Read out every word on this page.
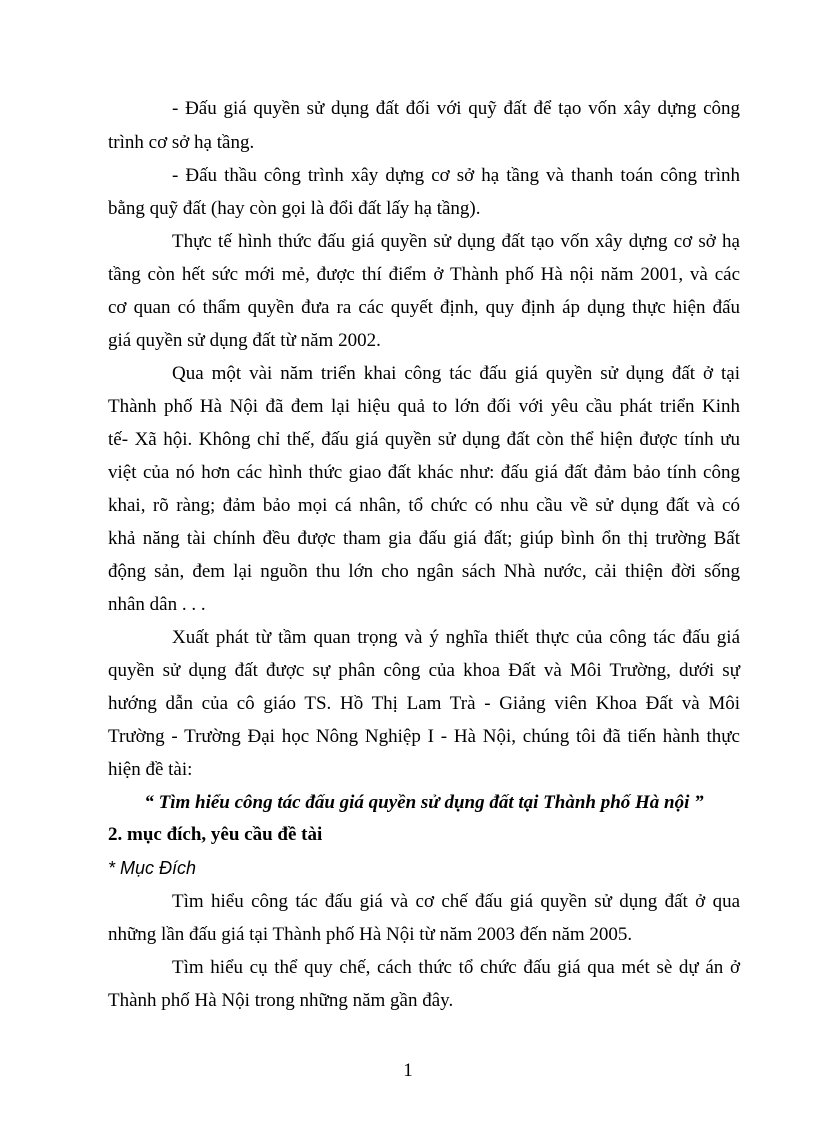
- Đấu giá quyền sử dụng đất đối với quỹ đất để tạo vốn xây dựng công
trình cơ sở hạ tầng.
- Đấu thầu công trình xây dựng cơ sở hạ tầng và thanh toán công trình
bằng quỹ đất (hay còn gọi là đổi đất lấy hạ tầng).
Thực tế hình thức đấu giá quyền sử dụng đất tạo vốn xây dựng cơ sở hạ
tầng còn hết sức mới mẻ, được thí điểm ở Thành phố Hà nội năm 2001, và các
cơ quan có thẩm quyền đưa ra các quyết định, quy định áp dụng thực hiện đấu
giá quyền sử dụng đất từ năm 2002.
Qua một vài năm triển khai công tác đấu giá quyền sử dụng đất ở tại
Thành phố Hà Nội đã đem lại hiệu quả to lớn đối với yêu cầu phát triển Kinh
tế- Xã hội. Không chỉ thế, đấu giá quyền sử dụng đất còn thể hiện được tính ưu
việt của nó hơn các hình thức giao đất khác như: đấu giá đất đảm bảo tính công
khai, rõ ràng; đảm bảo mọi cá nhân, tổ chức có nhu cầu về sử dụng đất và có
khả năng tài chính đều được tham gia đấu giá đất; giúp bình ổn thị trường Bất
động sản, đem lại nguồn thu lớn cho ngân sách Nhà nước, cải thiện đời sống
nhân dân . . .
Xuất phát từ tầm quan trọng và ý nghĩa thiết thực của công tác đấu giá
quyền sử dụng đất được sự phân công của khoa Đất và Môi Trường, dưới sự
hướng dẫn của cô giáo TS. Hồ Thị Lam Trà - Giảng viên Khoa Đất và Môi
Trường - Trường Đại học Nông Nghiệp I - Hà Nội, chúng tôi đã tiến hành thực
hiện đề tài:
“ Tìm hiểu công tác đấu giá quyền sử dụng đất tại Thành phố Hà nội ”
2. mục đích, yêu cầu đề tài
* Mục Đích
Tìm hiểu công tác đấu giá và cơ chế đấu giá quyền sử dụng đất ở qua
những lần đấu giá tại Thành phố Hà Nội từ năm 2003 đến năm 2005.
Tìm hiểu cụ thể quy chế, cách thức tổ chức đấu giá qua mét sè dự án ở
Thành phố Hà Nội trong những năm gần đây.
1
